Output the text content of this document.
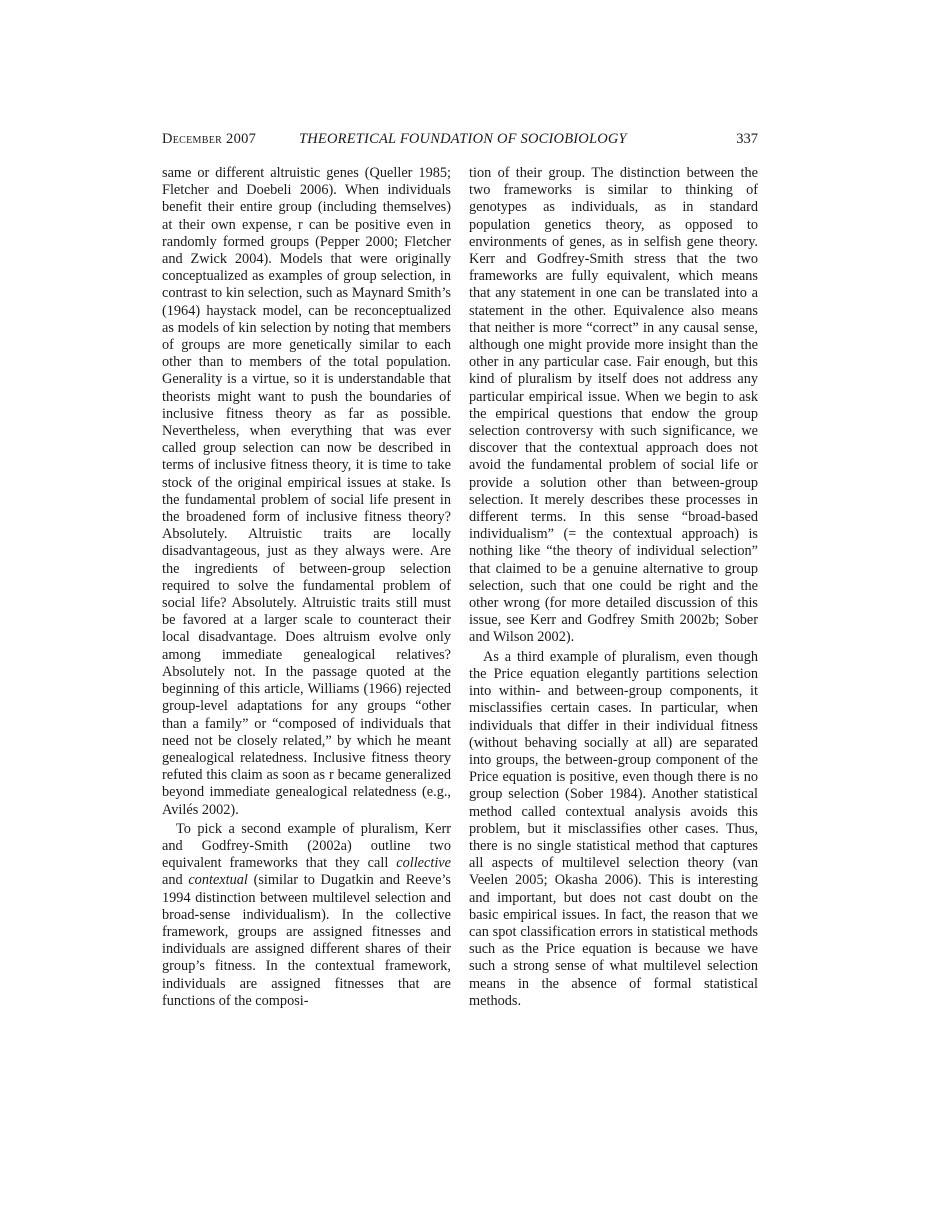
December 2007	THEORETICAL FOUNDATION OF SOCIOBIOLOGY	337

same or different altruistic genes (Queller 1985; Fletcher and Doebeli 2006). When individuals benefit their entire group (including themselves) at their own expense, r can be positive even in randomly formed groups (Pepper 2000; Fletcher and Zwick 2004). Models that were originally conceptualized as examples of group selection, in contrast to kin selection, such as Maynard Smith’s (1964) haystack model, can be reconceptualized as models of kin selection by noting that members of groups are more genetically similar to each other than to members of the total population. Generality is a virtue, so it is understandable that theorists might want to push the boundaries of inclusive fitness theory as far as possible. Nevertheless, when everything that was ever called group selection can now be described in terms of inclusive fitness theory, it is time to take stock of the original empirical issues at stake. Is the fundamental problem of social life present in the broadened form of inclusive fitness theory? Absolutely. Altruistic traits are locally disadvantageous, just as they always were. Are the ingredients of between-group selection required to solve the fundamental problem of social life? Absolutely. Altruistic traits still must be favored at a larger scale to counteract their local disadvantage. Does altruism evolve only among immediate genealogical relatives? Absolutely not. In the passage quoted at the beginning of this article, Williams (1966) rejected group-level adaptations for any groups “other than a family” or “composed of individuals that need not be closely related,” by which he meant genealogical relatedness. Inclusive fitness theory refuted this claim as soon as r became generalized beyond immediate genealogical relatedness (e.g., Avilés 2002).

To pick a second example of pluralism, Kerr and Godfrey-Smith (2002a) outline two equivalent frameworks that they call collective and contextual (similar to Dugatkin and Reeve’s 1994 distinction between multilevel selection and broad-sense individualism). In the collective framework, groups are assigned fitnesses and individuals are assigned different shares of their group’s fitness. In the contextual framework, individuals are assigned fitnesses that are functions of the composi-

tion of their group. The distinction between the two frameworks is similar to thinking of genotypes as individuals, as in standard population genetics theory, as opposed to environments of genes, as in selfish gene theory. Kerr and Godfrey-Smith stress that the two frameworks are fully equivalent, which means that any statement in one can be translated into a statement in the other. Equivalence also means that neither is more “correct” in any causal sense, although one might provide more insight than the other in any particular case. Fair enough, but this kind of pluralism by itself does not address any particular empirical issue. When we begin to ask the empirical questions that endow the group selection controversy with such significance, we discover that the contextual approach does not avoid the fundamental problem of social life or provide a solution other than between-group selection. It merely describes these processes in different terms. In this sense “broad-based individualism” (= the contextual approach) is nothing like “the theory of individual selection” that claimed to be a genuine alternative to group selection, such that one could be right and the other wrong (for more detailed discussion of this issue, see Kerr and Godfrey Smith 2002b; Sober and Wilson 2002).

As a third example of pluralism, even though the Price equation elegantly partitions selection into within- and between-group components, it misclassifies certain cases. In particular, when individuals that differ in their individual fitness (without behaving socially at all) are separated into groups, the between-group component of the Price equation is positive, even though there is no group selection (Sober 1984). Another statistical method called contextual analysis avoids this problem, but it misclassifies other cases. Thus, there is no single statistical method that captures all aspects of multilevel selection theory (van Veelen 2005; Okasha 2006). This is interesting and important, but does not cast doubt on the basic empirical issues. In fact, the reason that we can spot classification errors in statistical methods such as the Price equation is because we have such a strong sense of what multilevel selection means in the absence of formal statistical methods.
